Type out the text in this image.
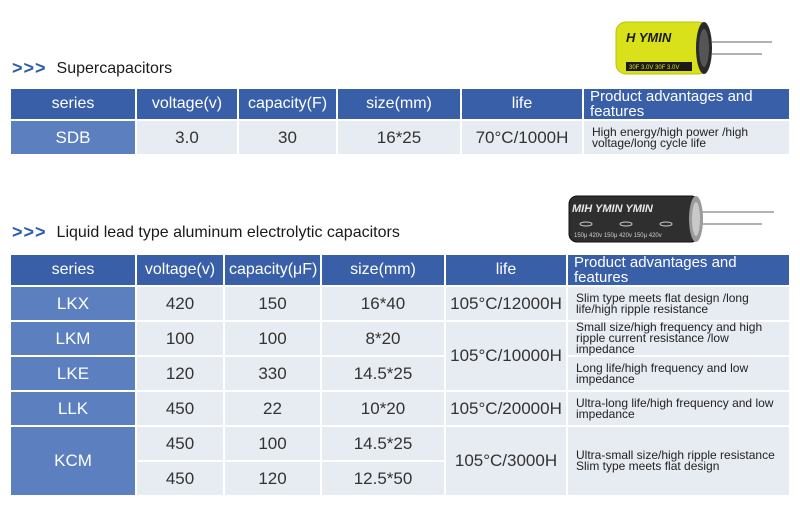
>>> Supercapacitors
H YMIN
30F 3.0V 30F 3.0V
series	voltage(v)	capacity(F)	size(mm)	life	Product advantages and features
SDB	3.0	30	16*25	70°C/1000H	High energy/high power /high voltage/long cycle life
>>> Liquid lead type aluminum electrolytic capacitors
MIH YMIN YMIN
150μ 420v 150μ 420v 150μ 420v
series	voltage(v)	capacity(μF)	size(mm)	life	Product advantages and features
LKX	420	150	16*40	105°C/12000H	Slim type meets flat design /long life/high ripple resistance
LKM	100	100	8*20	105°C/10000H	Small size/high frequency and high ripple current resistance /low impedance
LKE	120	330	14.5*25		Long life/high frequency and low impedance
LLK	450	22	10*20	105°C/20000H	Ultra-long life/high frequency and low impedance
KCM	450	100	14.5*25	105°C/3000H	Ultra-small size/high ripple resistance Slim type meets flat design
	450	120	12.5*50		
